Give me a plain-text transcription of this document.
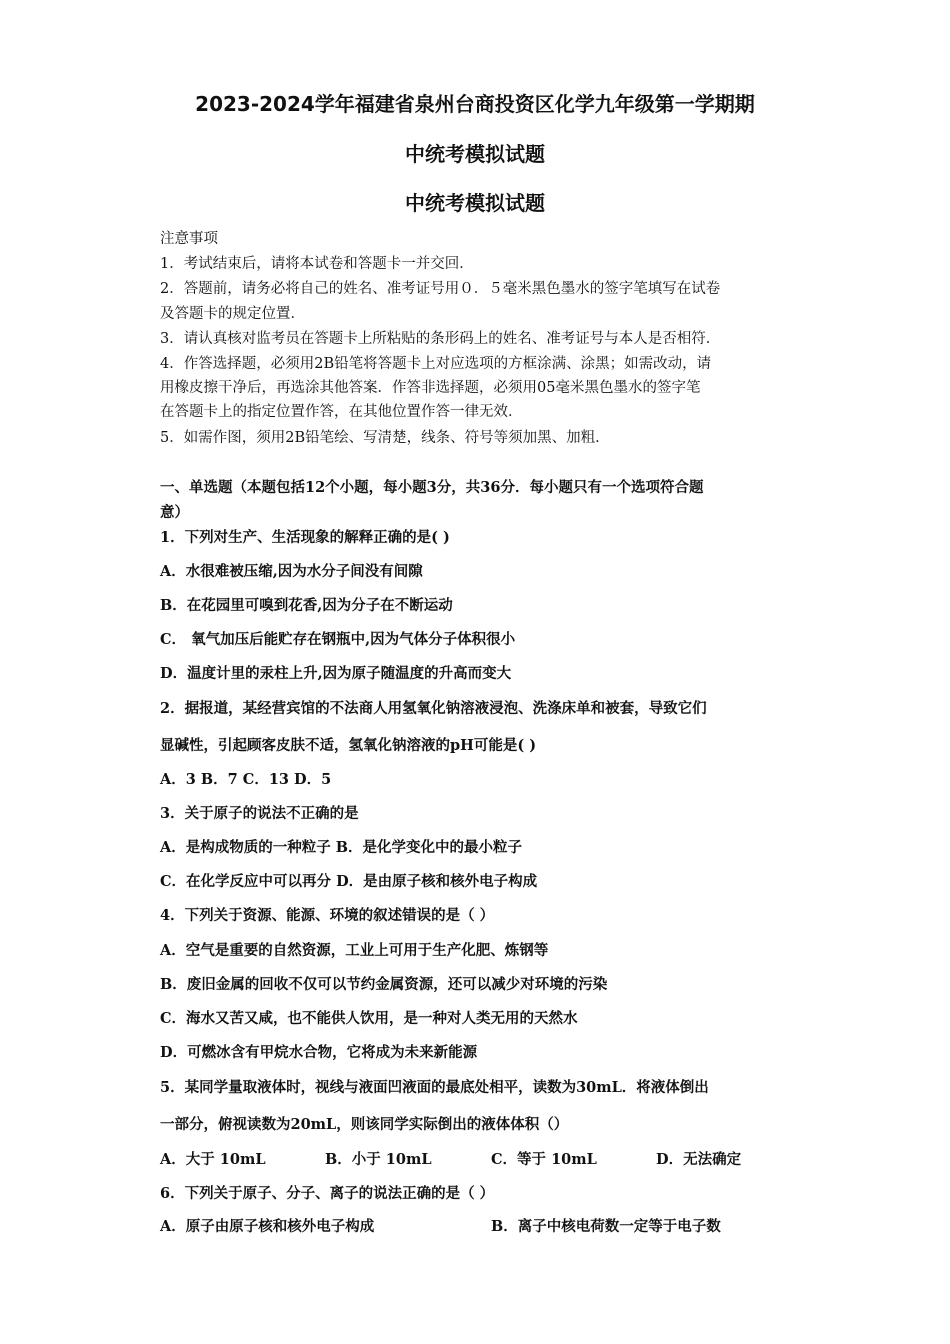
2023-2024学年福建省泉州台商投资区化学九年级第一学期期
中统考模拟试题
中统考模拟试题
注意事项
1．考试结束后，请将本试卷和答题卡一并交回．
2．答题前，请务必将自己的姓名、准考证号用０．５毫米黑色墨水的签字笔填写在试卷
及答题卡的规定位置．
3．请认真核对监考员在答题卡上所粘贴的条形码上的姓名、准考证号与本人是否相符．
4．作答选择题，必须用2B铅笔将答题卡上对应选项的方框涂满、涂黑；如需改动，请
用橡皮擦干净后，再选涂其他答案．作答非选择题，必须用05毫米黑色墨水的签字笔
在答题卡上的指定位置作答，在其他位置作答一律无效．
5．如需作图，须用2B铅笔绘、写清楚，线条、符号等须加黑、加粗．
一、单选题（本题包括12个小题，每小题3分，共36分．每小题只有一个选项符合题
意）
1．下列对生产、生活现象的解释正确的是( )
A．水很难被压缩,因为水分子间没有间隙
B．在花园里可嗅到花香,因为分子在不断运动
C． 氧气加压后能贮存在钢瓶中,因为气体分子体积很小
D．温度计里的汞柱上升,因为原子随温度的升高而变大
2．据报道，某经营宾馆的不法商人用氢氧化钠溶液浸泡、洗涤床单和被套，导致它们
显碱性，引起顾客皮肤不适，氢氧化钠溶液的pH可能是( )
A．3 B．7 C．13 D．5
3．关于原子的说法不正确的是
A．是构成物质的一种粒子 B．是化学变化中的最小粒子
C．在化学反应中可以再分 D．是由原子核和核外电子构成
4．下列关于资源、能源、环境的叙述错误的是（ ）
A．空气是重要的自然资源，工业上可用于生产化肥、炼钢等
B．废旧金属的回收不仅可以节约金属资源，还可以减少对环境的污染
C．海水又苦又咸，也不能供人饮用，是一种对人类无用的天然水
D．可燃冰含有甲烷水合物，它将成为未来新能源
5．某同学量取液体时，视线与液面凹液面的最底处相平，读数为30mL．将液体倒出
一部分，俯视读数为20mL，则该同学实际倒出的液体体积（）
A．大于 10mL	B．小于 10mL	C．等于 10mL	D．无法确定
6．下列关于原子、分子、离子的说法正确的是（ ）
A．原子由原子核和核外电子构成	B．离子中核电荷数一定等于电子数
